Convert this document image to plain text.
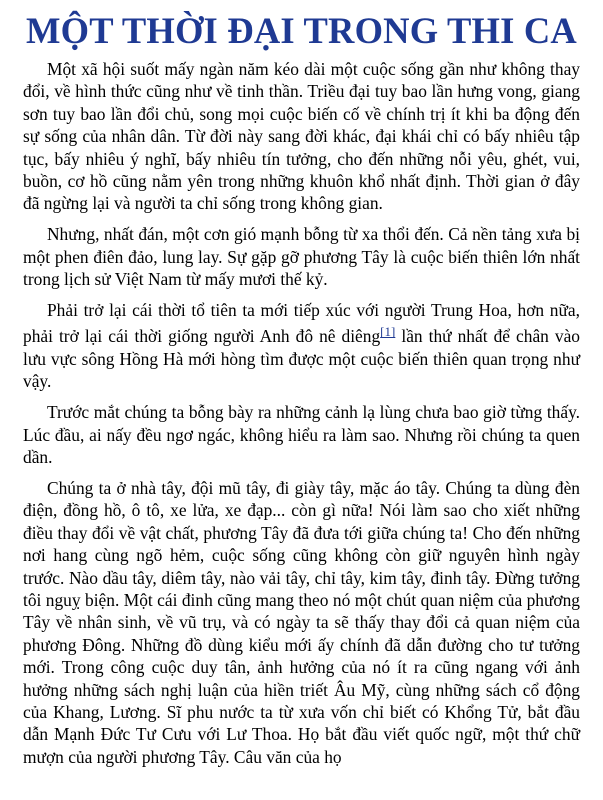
MỘT THỜI ĐẠI TRONG THI CA

Một xã hội suốt mấy ngàn năm kéo dài một cuộc sống gần như không thay đổi, về hình thức cũng như về tinh thần. Triều đại tuy bao lần hưng vong, giang sơn tuy bao lần đổi chủ, song mọi cuộc biến cố về chính trị ít khi ba động đến sự sống của nhân dân. Từ đời này sang đời khác, đại khái chỉ có bấy nhiêu tập tục, bấy nhiêu ý nghĩ, bấy nhiêu tín tưởng, cho đến những nỗi yêu, ghét, vui, buồn, cơ hồ cũng nằm yên trong những khuôn khổ nhất định. Thời gian ở đây đã ngừng lại và người ta chỉ sống trong không gian.

Nhưng, nhất đán, một cơn gió mạnh bỗng từ xa thổi đến. Cả nền tảng xưa bị một phen điên đảo, lung lay. Sự gặp gỡ phương Tây là cuộc biến thiên lớn nhất trong lịch sử Việt Nam từ mấy mươi thế kỷ.

Phải trở lại cái thời tổ tiên ta mới tiếp xúc với người Trung Hoa, hơn nữa, phải trở lại cái thời giống người Anh đô nê diêng[1] lần thứ nhất để chân vào lưu vực sông Hồng Hà mới hòng tìm được một cuộc biến thiên quan trọng như vậy.

Trước mắt chúng ta bỗng bày ra những cảnh lạ lùng chưa bao giờ từng thấy. Lúc đầu, ai nấy đều ngơ ngác, không hiểu ra làm sao. Nhưng rồi chúng ta quen dần.

Chúng ta ở nhà tây, đội mũ tây, đi giày tây, mặc áo tây. Chúng ta dùng đèn điện, đồng hồ, ô tô, xe lửa, xe đạp... còn gì nữa! Nói làm sao cho xiết những điều thay đổi về vật chất, phương Tây đã đưa tới giữa chúng ta! Cho đến những nơi hang cùng ngõ hẻm, cuộc sống cũng không còn giữ nguyên hình ngày trước. Nào dầu tây, diêm tây, nào vải tây, chỉ tây, kim tây, đinh tây. Đừng tưởng tôi nguỵ biện. Một cái đinh cũng mang theo nó một chút quan niệm của phương Tây về nhân sinh, về vũ trụ, và có ngày ta sẽ thấy thay đổi cả quan niệm của phương Đông. Những đồ dùng kiểu mới ấy chính đã dẫn đường cho tư tưởng mới. Trong công cuộc duy tân, ảnh hưởng của nó ít ra cũng ngang với ảnh hưởng những sách nghị luận của hiền triết Âu Mỹ, cùng những sách cổ động của Khang, Lương. Sĩ phu nước ta từ xưa vốn chỉ biết có Khổng Tử, bắt đầu dẫn Mạnh Đức Tư Cưu với Lư Thoa. Họ bắt đầu viết quốc ngữ, một thứ chữ mượn của người phương Tây. Câu văn của họ
